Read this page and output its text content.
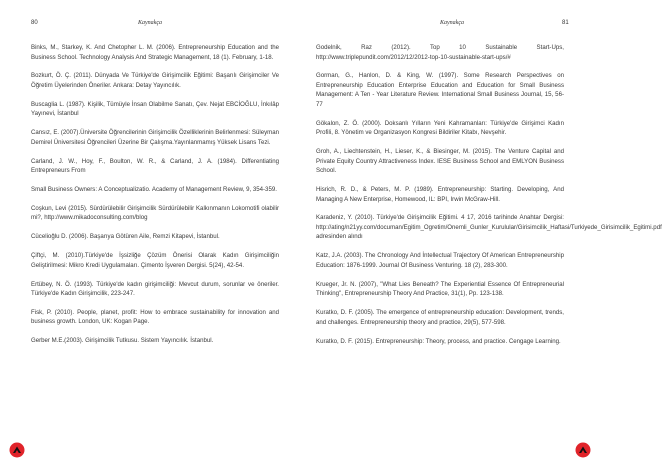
80	Kaynakça

Binks, M., Starkey, K. And Chetopher L. M. (2006). Entrepreneurship Education and the Business School. Technology Analysis And Strategic Management, 18 (1). February, 1-18.

Bozkurt, Ö. Ç. (2011). Dünyada Ve Türkiye'de Girişimcilik Eğitimi: Başarılı Girişimciler Ve Öğretim Üyelerinden Öneriler. Ankara: Detay Yayıncılık.

Buscaglia L. (1987). Kişilik, Tümüyle İnsan Olabilme Sanatı, Çev. Nejat EBCİOĞLU, İnkılâp Yayınevi, İstanbul

Cansız, E. (2007).Üniversite Öğrencilerinin Girişimcilik Özelliklerinin Belirlenmesi: Süleyman Demirel Üniversitesi Öğrencileri Üzerine Bir Çalışma.Yayınlanmamış Yüksek Lisans Tezi.

Carland, J. W., Hoy, F., Boulton, W. R., & Carland, J. A. (1984). Differentiating Entrepreneurs From

Small Business Owners: A Conceptualizatio. Academy of Management Review, 9, 354-359.

Coşkun, Levi (2015). Sürdürülebilir Girişimcilik Sürdürülebilir Kalkınmanın Lokomotifi olabilir mi?, http://www.mikadoconsulting.com/blog

Cücelioğlu D. (2006). Başarıya Götüren Aile, Remzi Kitapevi, İstanbul.

Çiftçi, M. (2010).Türkiye'de İşsizliğe Çözüm Önerisi Olarak Kadın Girişimciliğin Geliştirilmesi: Mikro Kredi Uygulamaları. Çimento İşveren Dergisi. 5(24), 42-54.

Ertübey, N. Ö. (1993). Türkiye'de kadın girişimciliği: Mevcut durum, sorunlar ve öneriler. Türkiye'de Kadın Girişimcilik, 223-247.

Fisk, P. (2010). People, planet, profit: How to embrace sustainability for innovation and business growth. London, UK: Kogan Page.

Gerber M.E.(2003). Girişimcilik Tutkusu. Sistem Yayıncılık. İstanbul.

Kaynakça	81

Godelnik, Raz (2012). Top 10 Sustainable Start-Ups, http://www.triplepundit.com/2012/12/2012-top-10-sustainable-start-ups/#

Gorman, G., Hanlon, D. & King, W. (1997). Some Research Perspectives on Entrepreneurship Education Enterprise Education and Education for Small Business Management: A Ten - Year Literature Review. International Small Business Journal, 15, 56-77

Gökalon, Z. Ö. (2000). Doksanlı Yılların Yeni Kahramanları: Türkiye'de Girişimci Kadın Profili, 8. Yönetim ve Organizasyon Kongresi Bildiriler Kitabı, Nevşehir.

Groh, A., Liechtenstein, H., Lieser, K., & Biesinger, M. (2015). The Venture Capital and Private Equity Country Attractiveness Index. IESE Business School and EMLYON Business School.

Hisrich, R. D., & Peters, M. P. (1989). Entrepreneurship: Starting. Developing, And Managing A New Enterprise, Homewood, IL: BPI, Irwin McGraw-Hill.

Karadeniz, Y. (2010). Türkiye'de Girişimcilik Eğitimi. 4 17, 2016 tarihinde Anahtar Dergisi: http://ating/n21yy.com/documan/Egitim_Ogretim/Onemli_Gunler_Kurulular/Girisimcilik_Haftasi/Turkiyede_Girisimcilik_Egitimi.pdf adresinden alındı

Katz, J.A. (2003). The Chronology And İntellectual Trajectory Of American Entrepreneurship Education: 1876-1999. Journal Of Business Venturing. 18 (2), 283-300.

Krueger, Jr. N. (2007), "What Lies Beneath? The Experiential Essence Of Entrepreneurial Thinking", Entrepreneurship Theory And Practice, 31(1), Pp. 123-138.

Kuratko, D. F. (2005). The emergence of entrepreneurship education: Development, trends, and challenges. Entrepreneurship theory and practice, 29(5), 577-598.

Kuratko, D. F. (2015). Entrepreneurship: Theory, process, and practice. Cengage Learning.
